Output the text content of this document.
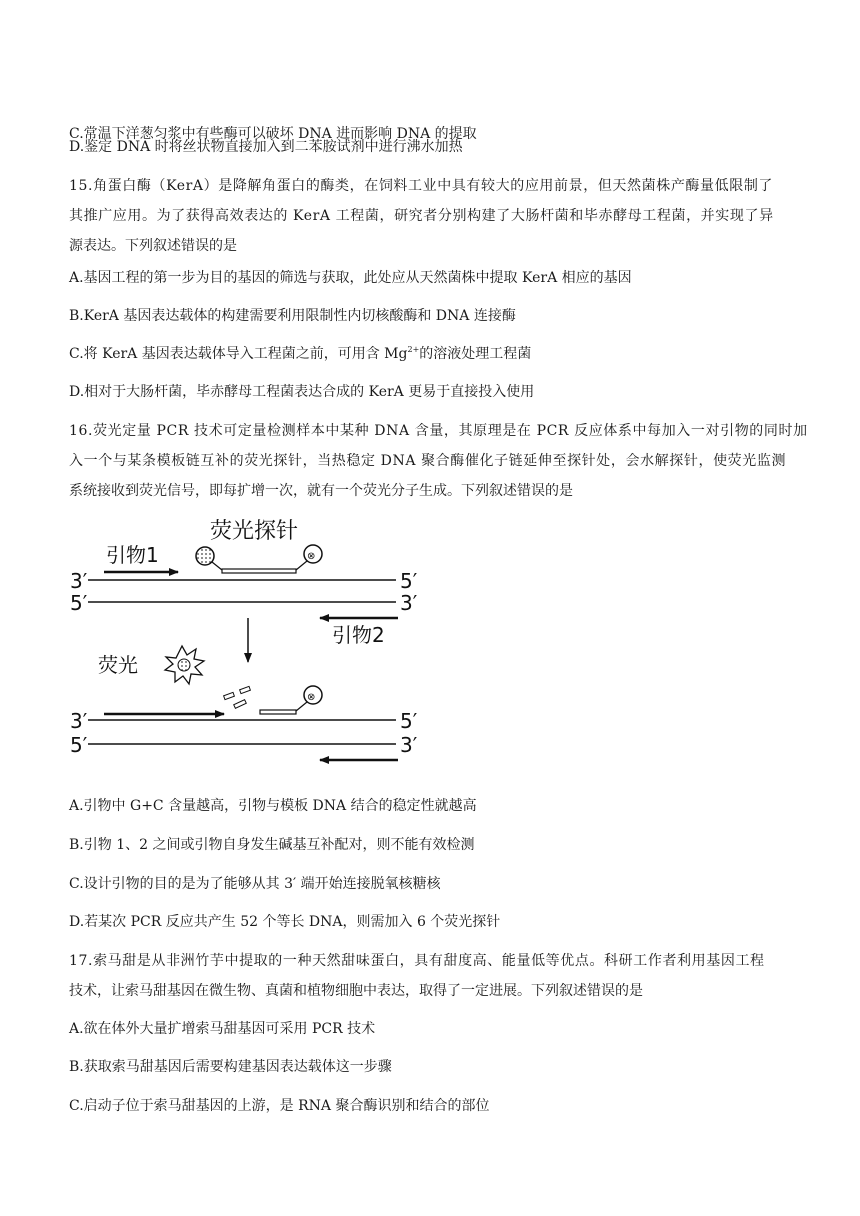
C.常温下洋葱匀浆中有些酶可以破坏 DNA 进而影响 DNA 的提取
D.鉴定 DNA 时将丝状物直接加入到二苯胺试剂中进行沸水加热
15.角蛋白酶（KerA）是降解角蛋白的酶类，在饲料工业中具有较大的应用前景，但天然菌株产酶量低限制了
其推广应用。为了获得高效表达的 KerA 工程菌，研究者分别构建了大肠杆菌和毕赤酵母工程菌，并实现了异
源表达。下列叙述错误的是
A.基因工程的第一步为目的基因的筛选与获取，此处应从天然菌株中提取 KerA 相应的基因
B.KerA 基因表达载体的构建需要利用限制性内切核酸酶和 DNA 连接酶
C.将 KerA 基因表达载体导入工程菌之前，可用含 $Mg^{2+}$的溶液处理工程菌
D.相对于大肠杆菌，毕赤酵母工程菌表达合成的 KerA 更易于直接投入使用
16.荧光定量 PCR 技术可定量检测样本中某种 DNA 含量，其原理是在 PCR 反应体系中每加入一对引物的同时加
入一个与某条模板链互补的荧光探针，当热稳定 DNA 聚合酶催化子链延伸至探针处，会水解探针，使荧光监测
系统接收到荧光信号，即每扩增一次，就有一个荧光分子生成。下列叙述错误的是
荧光探针
引物1	⊗
3′	5′
5′	3′
引物2
荧光
⊗
3′	5′
5′	3′
A.引物中 G+C 含量越高，引物与模板 DNA 结合的稳定性就越高
B.引物 1、2 之间或引物自身发生碱基互补配对，则不能有效检测
C.设计引物的目的是为了能够从其 3′ 端开始连接脱氧核糖核
D.若某次 PCR 反应共产生 52 个等长 DNA，则需加入 6 个荧光探针
17.索马甜是从非洲竹芋中提取的一种天然甜味蛋白，具有甜度高、能量低等优点。科研工作者利用基因工程
技术，让索马甜基因在微生物、真菌和植物细胞中表达，取得了一定进展。下列叙述错误的是
A.欲在体外大量扩增索马甜基因可采用 PCR 技术
B.获取索马甜基因后需要构建基因表达载体这一步骤
C.启动子位于索马甜基因的上游，是 RNA 聚合酶识别和结合的部位
